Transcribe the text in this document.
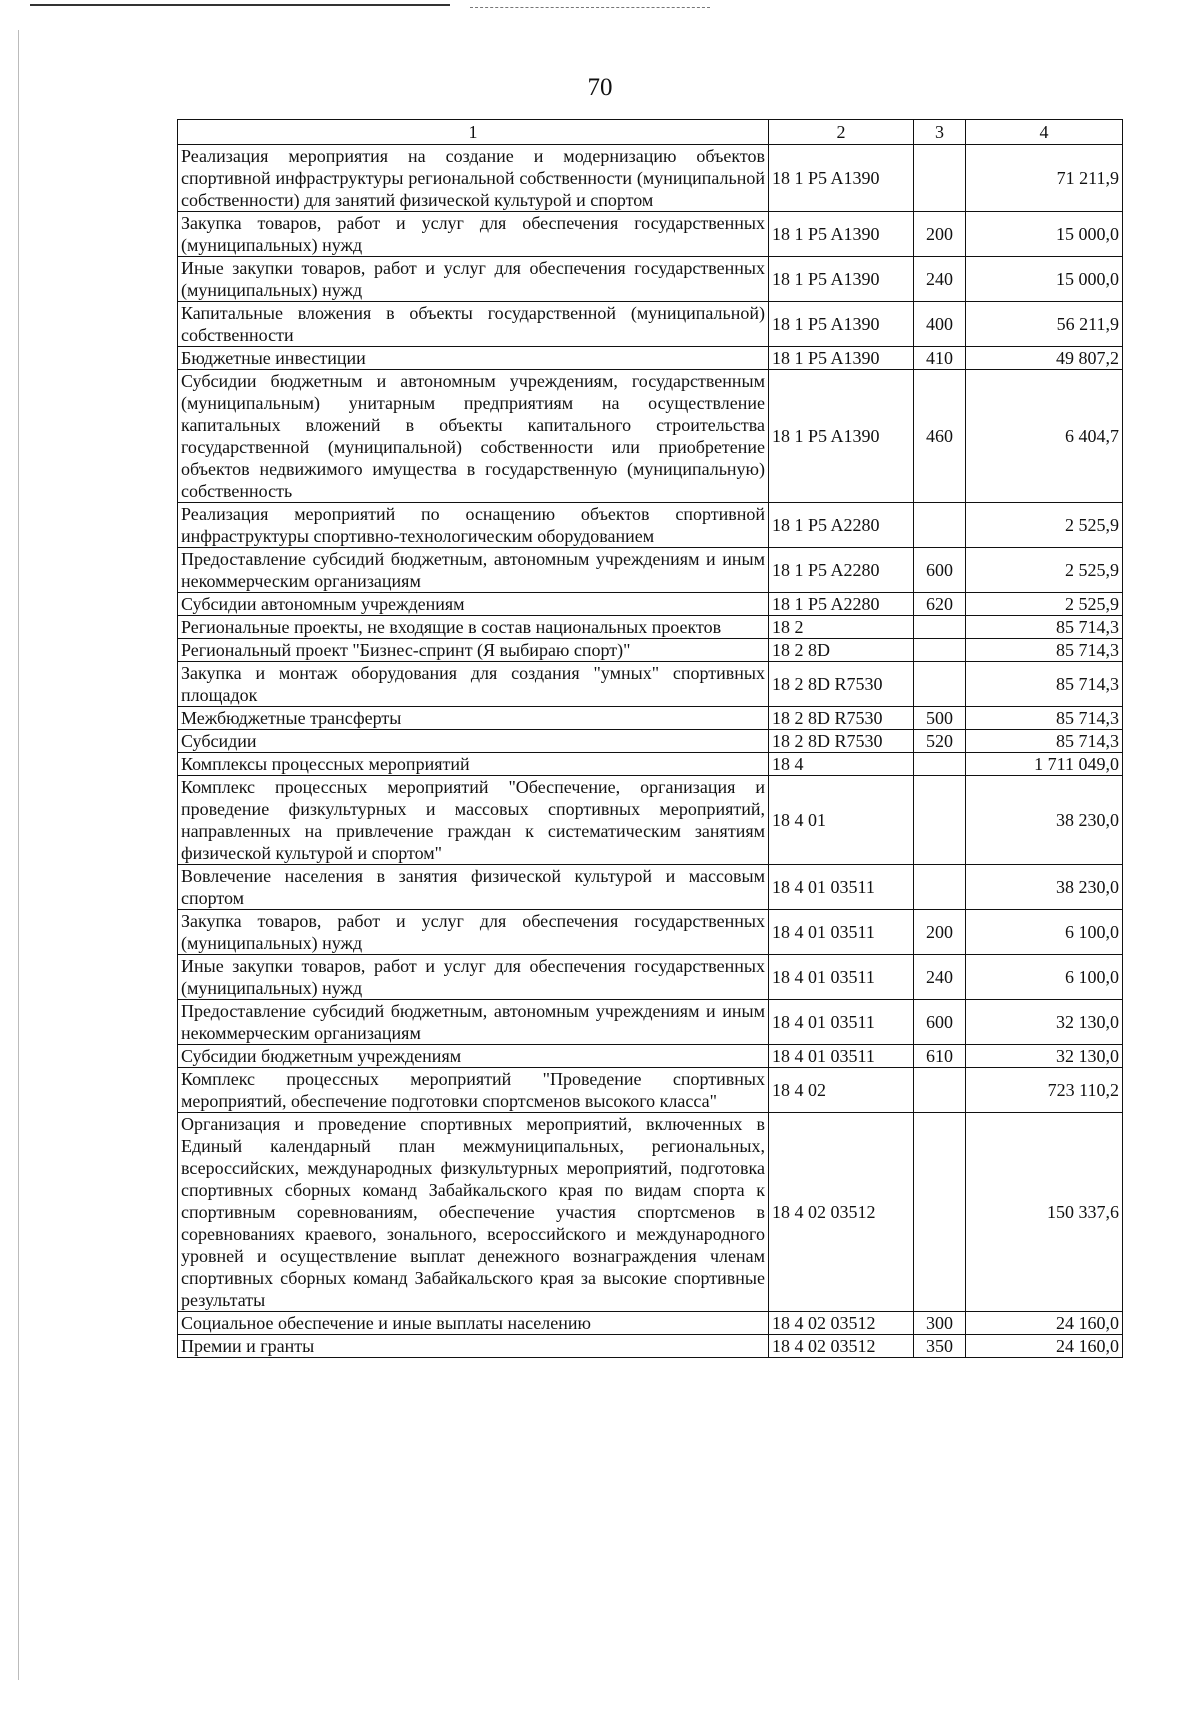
70
1	2	3	4
Реализация мероприятия на создание и модернизацию объектов спортивной инфраструктуры региональной собственности (муниципальной собственности) для занятий физической культурой и спортом	18 1 P5 A1390		71 211,9
Закупка товаров, работ и услуг для обеспечения государственных (муниципальных) нужд	18 1 P5 A1390	200	15 000,0
Иные закупки товаров, работ и услуг для обеспечения государственных (муниципальных) нужд	18 1 P5 A1390	240	15 000,0
Капитальные вложения в объекты государственной (муниципальной) собственности	18 1 P5 A1390	400	56 211,9
Бюджетные инвестиции	18 1 P5 A1390	410	49 807,2
Субсидии бюджетным и автономным учреждениям, государственным (муниципальным) унитарным предприятиям на осуществление капитальных вложений в объекты капитального строительства государственной (муниципальной) собственности или приобретение объектов недвижимого имущества в государственную (муниципальную) собственность	18 1 P5 A1390	460	6 404,7
Реализация мероприятий по оснащению объектов спортивной инфраструктуры спортивно-технологическим оборудованием	18 1 P5 A2280		2 525,9
Предоставление субсидий бюджетным, автономным учреждениям и иным некоммерческим организациям	18 1 P5 A2280	600	2 525,9
Субсидии автономным учреждениям	18 1 P5 A2280	620	2 525,9
Региональные проекты, не входящие в состав национальных проектов	18 2		85 714,3
Региональный проект "Бизнес-спринт (Я выбираю спорт)"	18 2 8D		85 714,3
Закупка и монтаж оборудования для создания "умных" спортивных площадок	18 2 8D R7530		85 714,3
Межбюджетные трансферты	18 2 8D R7530	500	85 714,3
Субсидии	18 2 8D R7530	520	85 714,3
Комплексы процессных мероприятий	18 4		1 711 049,0
Комплекс процессных мероприятий "Обеспечение, организация и проведение физкультурных и массовых спортивных мероприятий, направленных на привлечение граждан к систематическим занятиям физической культурой и спортом"	18 4 01		38 230,0
Вовлечение населения в занятия физической культурой и массовым спортом	18 4 01 03511		38 230,0
Закупка товаров, работ и услуг для обеспечения государственных (муниципальных) нужд	18 4 01 03511	200	6 100,0
Иные закупки товаров, работ и услуг для обеспечения государственных (муниципальных) нужд	18 4 01 03511	240	6 100,0
Предоставление субсидий бюджетным, автономным учреждениям и иным некоммерческим организациям	18 4 01 03511	600	32 130,0
Субсидии бюджетным учреждениям	18 4 01 03511	610	32 130,0
Комплекс процессных мероприятий "Проведение спортивных мероприятий, обеспечение подготовки спортсменов высокого класса"	18 4 02		723 110,2
Организация и проведение спортивных мероприятий, включенных в Единый календарный план межмуниципальных, региональных, всероссийских, международных физкультурных мероприятий, подготовка спортивных сборных команд Забайкальского края по видам спорта к спортивным соревнованиям, обеспечение участия спортсменов в соревнованиях краевого, зонального, всероссийского и международного уровней и осуществление выплат денежного вознаграждения членам спортивных сборных команд Забайкальского края за высокие спортивные результаты	18 4 02 03512		150 337,6
Социальное обеспечение и иные выплаты населению	18 4 02 03512	300	24 160,0
Премии и гранты	18 4 02 03512	350	24 160,0
